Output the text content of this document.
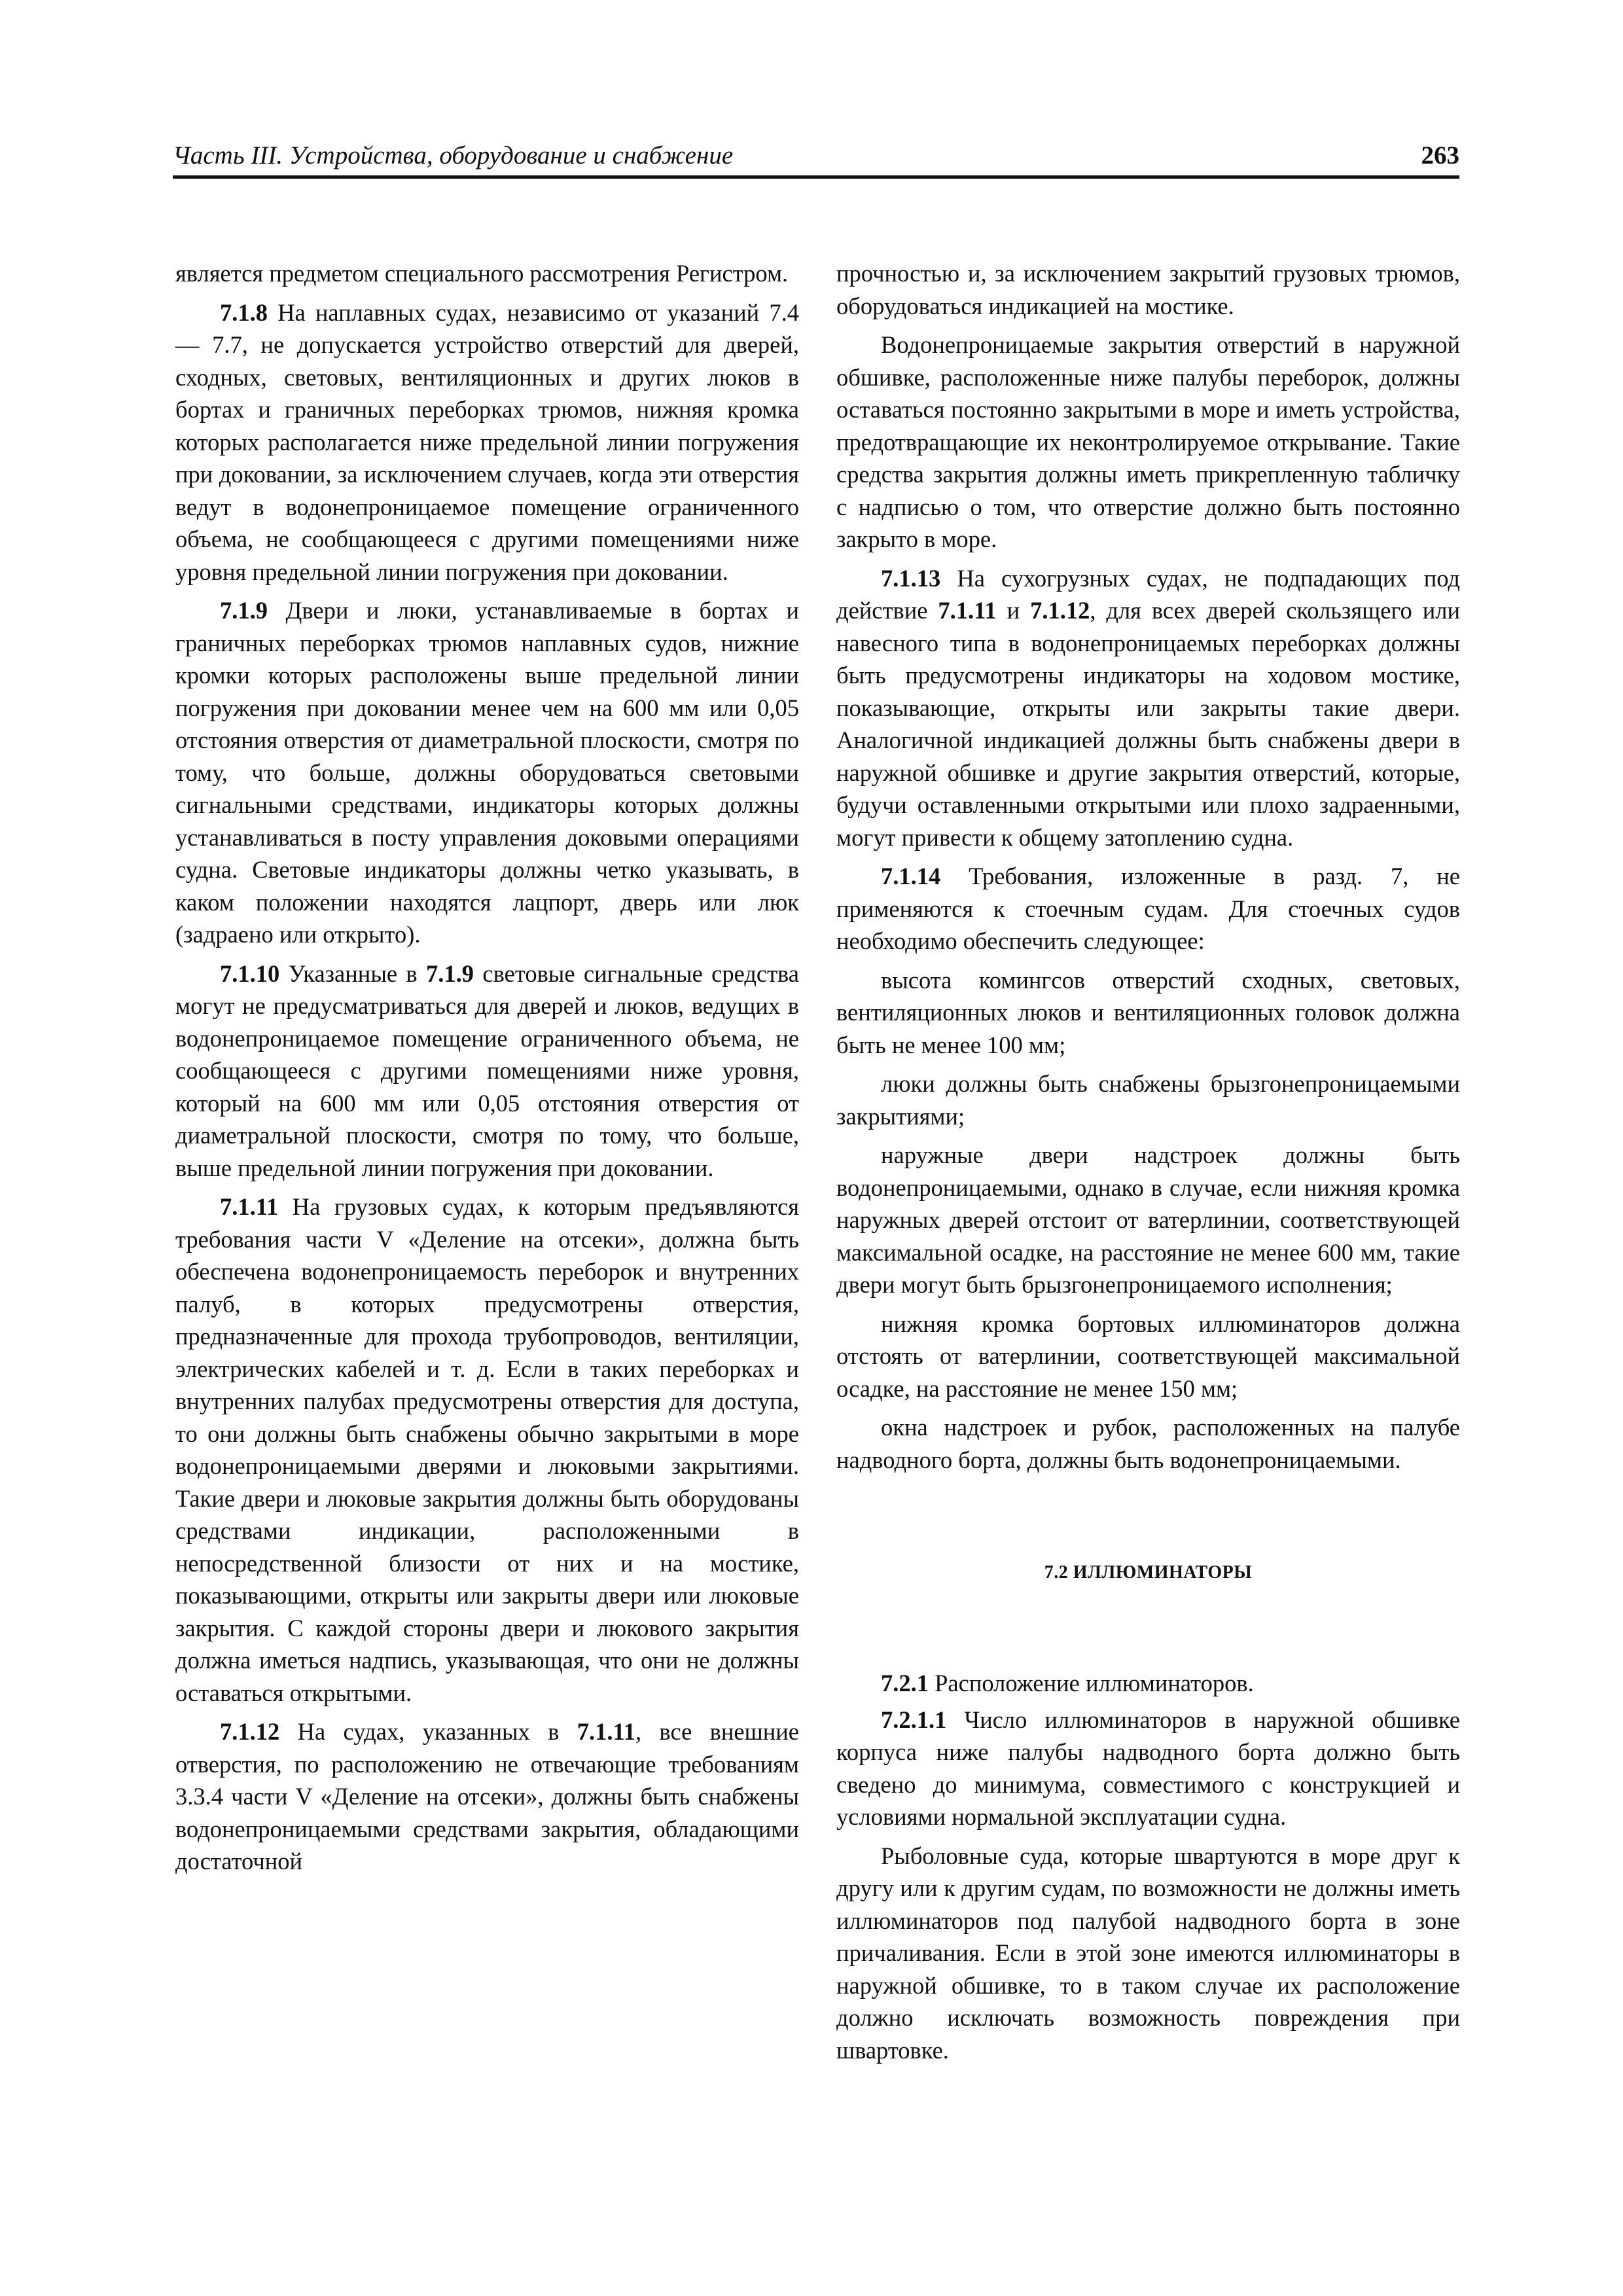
Часть III. Устройства, оборудование и снабжение	263

является предметом специального рассмотрения Регистром.

7.1.8 На наплавных судах, независимо от указаний 7.4 — 7.7, не допускается устройство отверстий для дверей, сходных, световых, вентиляционных и других люков в бортах и граничных переборках трюмов, нижняя кромка которых располагается ниже предельной линии погружения при доковании, за исключением случаев, когда эти отверстия ведут в водонепроницаемое помещение ограниченного объема, не сообщающееся с другими помещениями ниже уровня предельной линии погружения при доковании.

7.1.9 Двери и люки, устанавливаемые в бортах и граничных переборках трюмов наплавных судов, нижние кромки которых расположены выше предельной линии погружения при доковании менее чем на 600 мм или 0,05 отстояния отверстия от диаметральной плоскости, смотря по тому, что больше, должны оборудоваться световыми сигнальными средствами, индикаторы которых должны устанавливаться в посту управления доковыми операциями судна. Световые индикаторы должны четко указывать, в каком положении находятся лацпорт, дверь или люк (задраено или открыто).

7.1.10 Указанные в 7.1.9 световые сигнальные средства могут не предусматриваться для дверей и люков, ведущих в водонепроницаемое помещение ограниченного объема, не сообщающееся с другими помещениями ниже уровня, который на 600 мм или 0,05 отстояния отверстия от диаметральной плоскости, смотря по тому, что больше, выше предельной линии погружения при доковании.

7.1.11 На грузовых судах, к которым предъявляются требования части V «Деление на отсеки», должна быть обеспечена водонепроницаемость переборок и внутренних палуб, в которых предусмотрены отверстия, предназначенные для прохода трубопроводов, вентиляции, электрических кабелей и т. д. Если в таких переборках и внутренних палубах предусмотрены отверстия для доступа, то они должны быть снабжены обычно закрытыми в море водонепроницаемыми дверями и люковыми закрытиями. Такие двери и люковые закрытия должны быть оборудованы средствами индикации, расположенными в непосредственной близости от них и на мостике, показывающими, открыты или закрыты двери или люковые закрытия. С каждой стороны двери и люкового закрытия должна иметься надпись, указывающая, что они не должны оставаться открытыми.

7.1.12 На судах, указанных в 7.1.11, все внешние отверстия, по расположению не отвечающие требованиям 3.3.4 части V «Деление на отсеки», должны быть снабжены водонепроницаемыми средствами закрытия, обладающими достаточной

прочностью и, за исключением закрытий грузовых трюмов, оборудоваться индикацией на мостике.

Водонепроницаемые закрытия отверстий в наружной обшивке, расположенные ниже палубы переборок, должны оставаться постоянно закрытыми в море и иметь устройства, предотвращающие их неконтролируемое открывание. Такие средства закрытия должны иметь прикрепленную табличку с надписью о том, что отверстие должно быть постоянно закрыто в море.

7.1.13 На сухогрузных судах, не подпадающих под действие 7.1.11 и 7.1.12, для всех дверей скользящего или навесного типа в водонепроницаемых переборках должны быть предусмотрены индикаторы на ходовом мостике, показывающие, открыты или закрыты такие двери. Аналогичной индикацией должны быть снабжены двери в наружной обшивке и другие закрытия отверстий, которые, будучи оставленными открытыми или плохо задраенными, могут привести к общему затоплению судна.

7.1.14 Требования, изложенные в разд. 7, не применяются к стоечным судам. Для стоечных судов необходимо обеспечить следующее:

высота комингсов отверстий сходных, световых, вентиляционных люков и вентиляционных головок должна быть не менее 100 мм;

люки должны быть снабжены брызгонепроницаемыми закрытиями;

наружные двери надстроек должны быть водонепроницаемыми, однако в случае, если нижняя кромка наружных дверей отстоит от ватерлинии, соответствующей максимальной осадке, на расстояние не менее 600 мм, такие двери могут быть брызгонепроницаемого исполнения;

нижняя кромка бортовых иллюминаторов должна отстоять от ватерлинии, соответствующей максимальной осадке, на расстояние не менее 150 мм;

окна надстроек и рубок, расположенных на палубе надводного борта, должны быть водонепроницаемыми.

7.2 ИЛЛЮМИНАТОРЫ

7.2.1 Расположение иллюминаторов.

7.2.1.1 Число иллюминаторов в наружной обшивке корпуса ниже палубы надводного борта должно быть сведено до минимума, совместимого с конструкцией и условиями нормальной эксплуатации судна.

Рыболовные суда, которые швартуются в море друг к другу или к другим судам, по возможности не должны иметь иллюминаторов под палубой надводного борта в зоне причаливания. Если в этой зоне имеются иллюминаторы в наружной обшивке, то в таком случае их расположение должно исключать возможность повреждения при швартовке.
